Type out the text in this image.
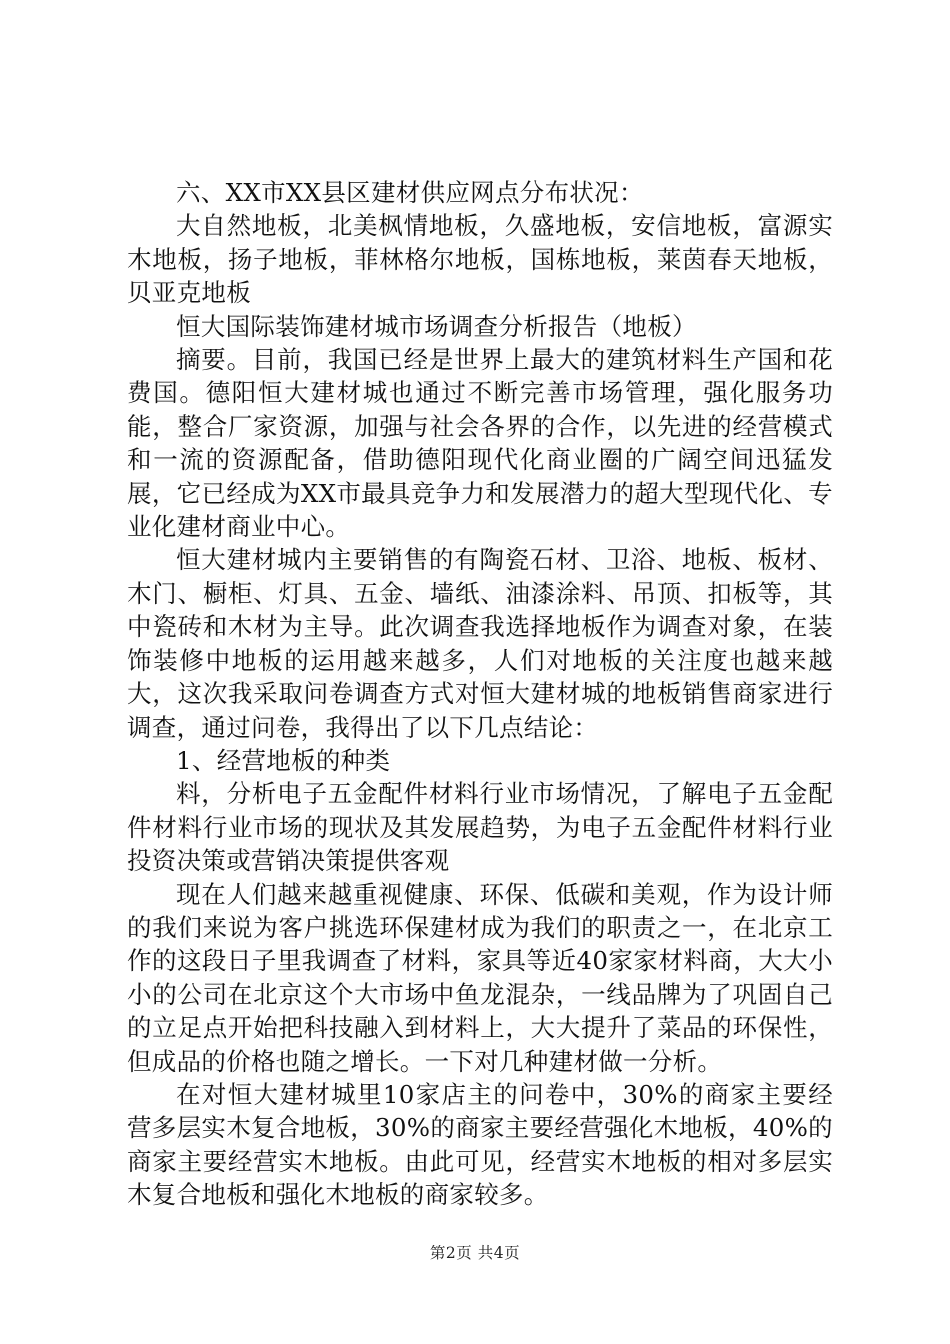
六、XX市XX县区建材供应网点分布状况：

大自然地板，北美枫情地板，久盛地板，安信地板，富源实木地板，扬子地板，菲林格尔地板，国栋地板，莱茵春天地板，贝亚克地板

恒大国际装饰建材城市场调查分析报告（地板）

摘要。目前，我国已经是世界上最大的建筑材料生产国和花费国。德阳恒大建材城也通过不断完善市场管理，强化服务功能，整合厂家资源，加强与社会各界的合作，以先进的经营模式和一流的资源配备，借助德阳现代化商业圈的广阔空间迅猛发展，它已经成为XX市最具竞争力和发展潜力的超大型现代化、专业化建材商业中心。

恒大建材城内主要销售的有陶瓷石材、卫浴、地板、板材、木门、橱柜、灯具、五金、墙纸、油漆涂料、吊顶、扣板等，其中瓷砖和木材为主导。此次调查我选择地板作为调查对象，在装饰装修中地板的运用越来越多，人们对地板的关注度也越来越大，这次我采取问卷调查方式对恒大建材城的地板销售商家进行调查，通过问卷，我得出了以下几点结论：

1、经营地板的种类

料，分析电子五金配件材料行业市场情况，了解电子五金配件材料行业市场的现状及其发展趋势，为电子五金配件材料行业投资决策或营销决策提供客观

现在人们越来越重视健康、环保、低碳和美观，作为设计师的我们来说为客户挑选环保建材成为我们的职责之一，在北京工作的这段日子里我调查了材料，家具等近40家家材料商，大大小小的公司在北京这个大市场中鱼龙混杂，一线品牌为了巩固自己的立足点开始把科技融入到材料上，大大提升了菜品的环保性，但成品的价格也随之增长。一下对几种建材做一分析。

在对恒大建材城里10家店主的问卷中，30%的商家主要经营多层实木复合地板，30%的商家主要经营强化木地板，40%的商家主要经营实木地板。由此可见，经营实木地板的相对多层实木复合地板和强化木地板的商家较多。

第2页 共4页
